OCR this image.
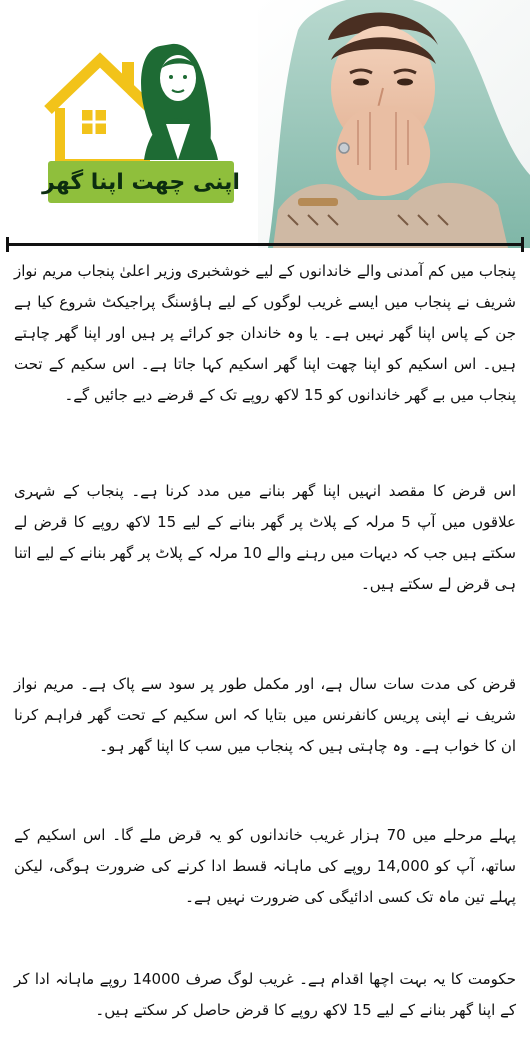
اپنی چھت اپنا گھر

پنجاب میں کم آمدنی والے خاندانوں کے لیے خوشخبری وزیر اعلیٰ پنجاب مریم نواز شریف نے پنجاب میں ایسے غریب لوگوں کے لیے ہاؤسنگ پراجیکٹ شروع کیا ہے جن کے پاس اپنا گھر نہیں ہے۔ یا وہ خاندان جو کرائے پر ہیں اور اپنا گھر چاہتے ہیں۔ اس اسکیم کو اپنا چھت اپنا گھر اسکیم کہا جاتا ہے۔ اس سکیم کے تحت پنجاب میں بے گھر خاندانوں کو 15 لاکھ روپے تک کے قرضے دیے جائیں گے۔

اس قرض کا مقصد انہیں اپنا گھر بنانے میں مدد کرنا ہے۔ پنجاب کے شہری علاقوں میں آپ 5 مرلہ کے پلاٹ پر گھر بنانے کے لیے 15 لاکھ روپے کا قرض لے سکتے ہیں جب کہ دیہات میں رہنے والے 10 مرلہ کے پلاٹ پر گھر بنانے کے لیے اتنا ہی قرض لے سکتے ہیں۔

قرض کی مدت سات سال ہے، اور مکمل طور پر سود سے پاک ہے۔ مریم نواز شریف نے اپنی پریس کانفرنس میں بتایا کہ اس سکیم کے تحت گھر فراہم کرنا ان کا خواب ہے۔ وہ چاہتی ہیں کہ پنجاب میں سب کا اپنا گھر ہو۔

پہلے مرحلے میں 70 ہزار غریب خاندانوں کو یہ قرض ملے گا۔ اس اسکیم کے ساتھ، آپ کو 14,000 روپے کی ماہانہ قسط ادا کرنے کی ضرورت ہوگی، لیکن پہلے تین ماہ تک کسی ادائیگی کی ضرورت نہیں ہے۔

حکومت کا یہ بہت اچھا اقدام ہے۔ غریب لوگ صرف 14000 روپے ماہانہ ادا کر کے اپنا گھر بنانے کے لیے 15 لاکھ روپے کا قرض حاصل کر سکتے ہیں۔
